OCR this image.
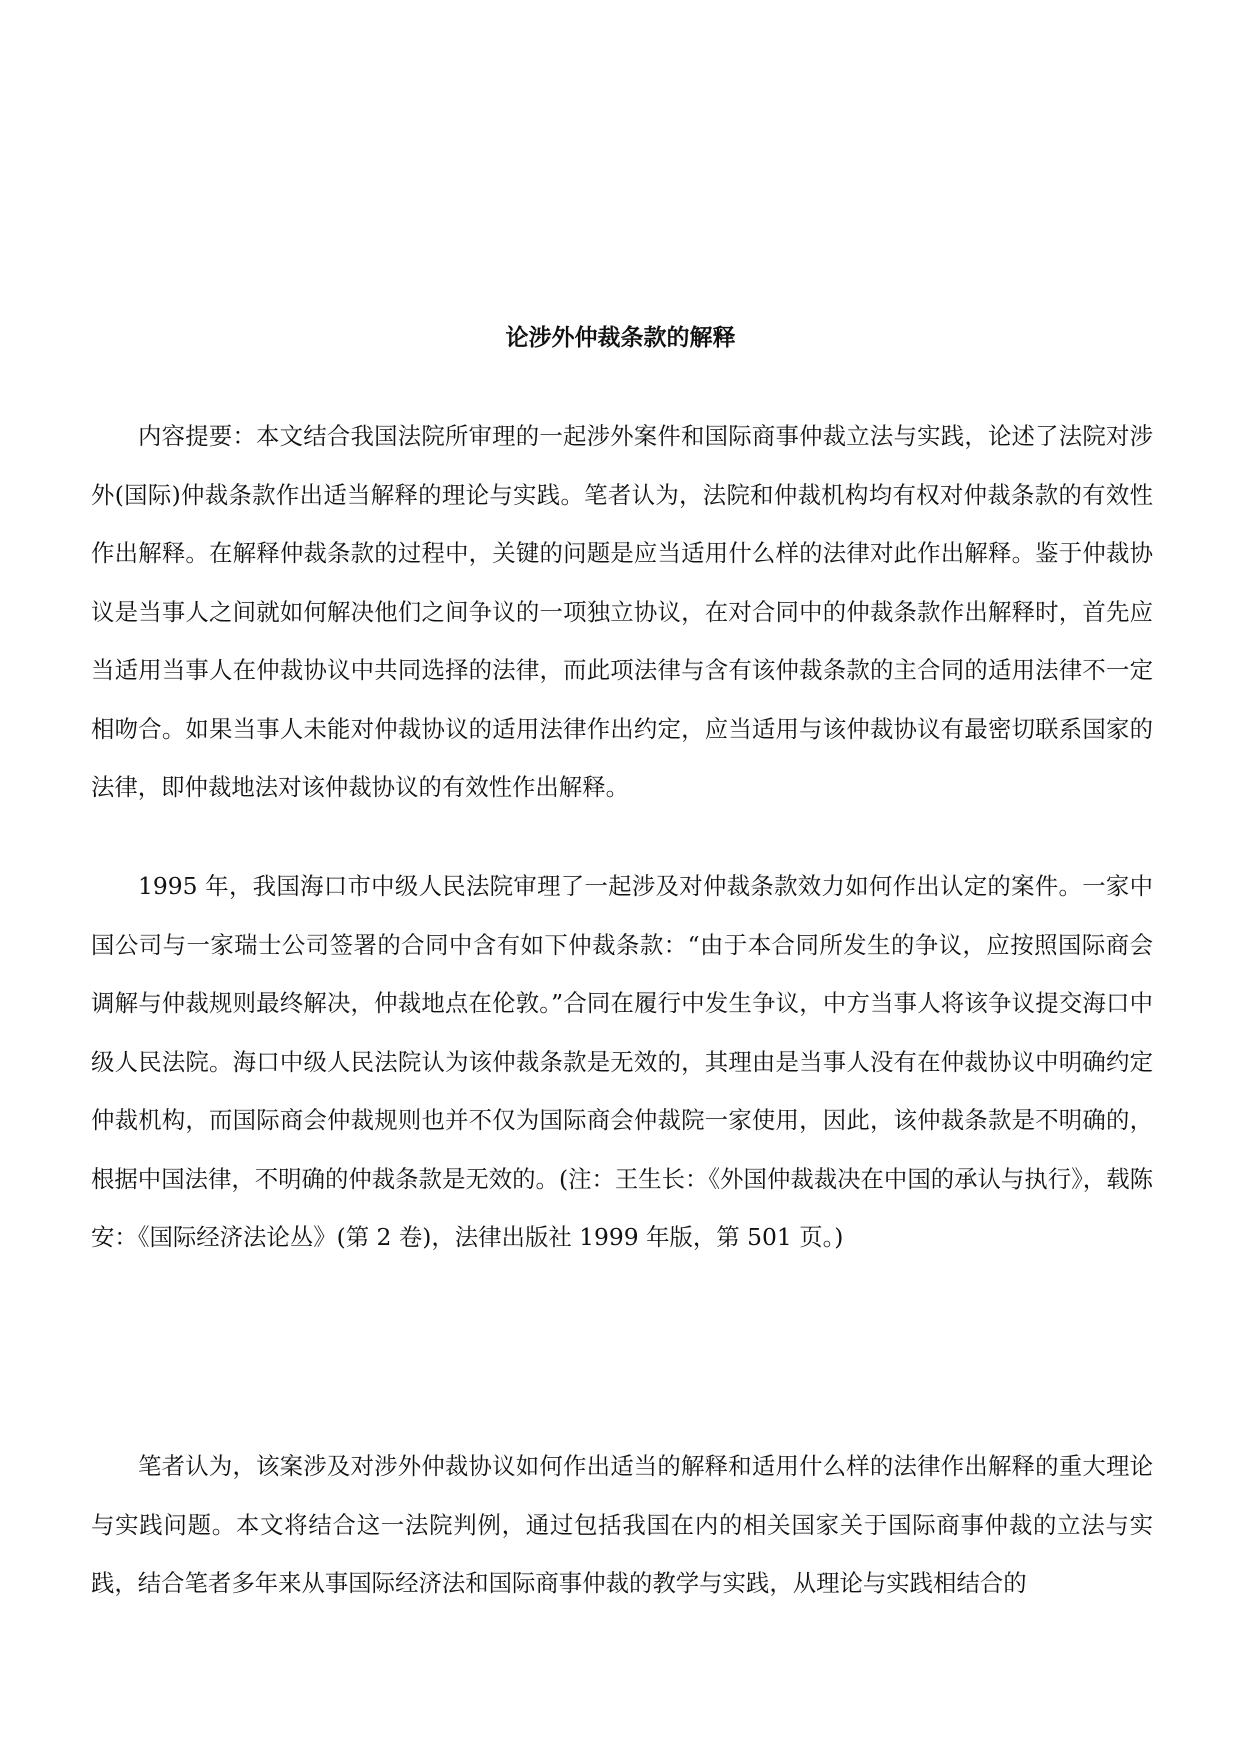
论涉外仲裁条款的解释

内容提要：本文结合我国法院所审理的一起涉外案件和国际商事仲裁立法与实践，论述了法院对涉外(国际)仲裁条款作出适当解释的理论与实践。笔者认为，法院和仲裁机构均有权对仲裁条款的有效性作出解释。在解释仲裁条款的过程中，关键的问题是应当适用什么样的法律对此作出解释。鉴于仲裁协议是当事人之间就如何解决他们之间争议的一项独立协议，在对合同中的仲裁条款作出解释时，首先应当适用当事人在仲裁协议中共同选择的法律，而此项法律与含有该仲裁条款的主合同的适用法律不一定相吻合。如果当事人未能对仲裁协议的适用法律作出约定，应当适用与该仲裁协议有最密切联系国家的法律，即仲裁地法对该仲裁协议的有效性作出解释。

1995 年，我国海口市中级人民法院审理了一起涉及对仲裁条款效力如何作出认定的案件。一家中国公司与一家瑞士公司签署的合同中含有如下仲裁条款：“由于本合同所发生的争议，应按照国际商会调解与仲裁规则最终解决，仲裁地点在伦敦。”合同在履行中发生争议，中方当事人将该争议提交海口中级人民法院。海口中级人民法院认为该仲裁条款是无效的，其理由是当事人没有在仲裁协议中明确约定仲裁机构，而国际商会仲裁规则也并不仅为国际商会仲裁院一家使用，因此，该仲裁条款是不明确的，根据中国法律，不明确的仲裁条款是无效的。(注：王生长：《外国仲裁裁决在中国的承认与执行》，载陈安：《国际经济法论丛》(第 2 卷)，法律出版社 1999 年版，第 501 页。)

笔者认为，该案涉及对涉外仲裁协议如何作出适当的解释和适用什么样的法律作出解释的重大理论与实践问题。本文将结合这一法院判例，通过包括我国在内的相关国家关于国际商事仲裁的立法与实践，结合笔者多年来从事国际经济法和国际商事仲裁的教学与实践，从理论与实践相结合的
